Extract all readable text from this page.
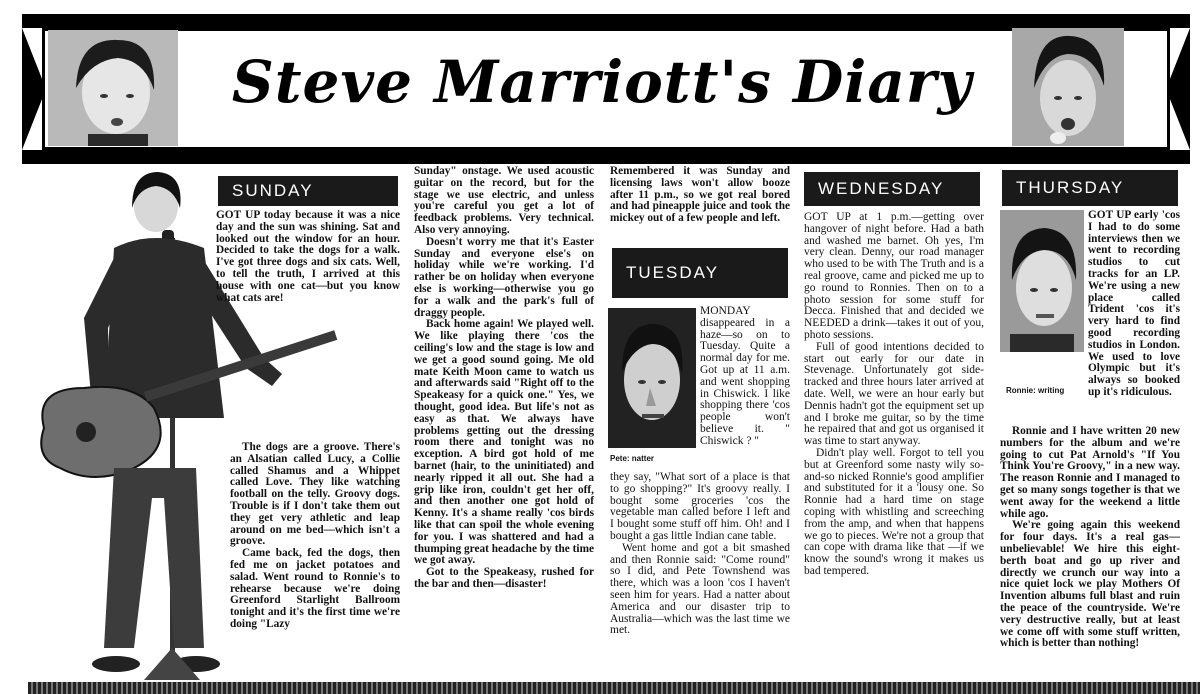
Steve Marriott's Diary
SUNDAY

GOT UP today because it was a nice day and the sun was shining. Sat and looked out the window for an hour. Decided to take the dogs for a walk. I've got three dogs and six cats. Well, to tell the truth, I arrived at this house with one cat—but you know what cats are!

The dogs are a groove. There's an Alsatian called Lucy, a Collie called Shamus and a Whippet called Love. They like watching football on the telly. Groovy dogs. Trouble is if I don't take them out they get very athletic and leap around on me bed—which isn't a groove.

Came back, fed the dogs, then fed me on jacket potatoes and salad. Went round to Ronnie's to rehearse because we're doing Greenford Starlight Ballroom tonight and it's the first time we're doing "Lazy

Sunday" onstage. We used acoustic guitar on the record, but for the stage we use electric, and unless you're careful you get a lot of feedback problems. Very technical. Also very annoying.

Doesn't worry me that it's Easter Sunday and everyone else's on holiday while we're working. I'd rather be on holiday when everyone else is working—otherwise you go for a walk and the park's full of draggy people.

Back home again! We played well. We like playing there 'cos the ceiling's low and the stage is low and we get a good sound going. Me old mate Keith Moon came to watch us and afterwards said "Right off to the Speakeasy for a quick one." Yes, we thought, good idea. But life's not as easy as that. We always have problems getting out the dressing room there and tonight was no exception. A bird got hold of me barnet (hair, to the uninitiated) and nearly ripped it all out. She had a grip like iron, couldn't get her off, and then another one got hold of Kenny. It's a shame really 'cos birds like that can spoil the whole evening for you. I was shattered and had a thumping great headache by the time we got away.

Got to the Speakeasy, rushed for the bar and then—disaster!

Remembered it was Sunday and licensing laws won't allow booze after 11 p.m., so we got real bored and had pineapple juice and took the mickey out of a few people and left.

TUESDAY
Pete: natter

MONDAY disappeared in a haze—so on to Tuesday. Quite a normal day for me. Got up at 11 a.m. and went shopping in Chiswick. I like shopping there 'cos people won't believe it. " Chiswick ? "

they say, "What sort of a place is that to go shopping?" It's groovy really. I bought some groceries 'cos the vegetable man called before I left and I bought some stuff off him. Oh! and I bought a gas little Indian cane table.

Went home and got a bit smashed and then Ronnie said: "Come round" so I did, and Pete Townshend was there, which was a loon 'cos I haven't seen him for years. Had a natter about America and our disaster trip to Australia—which was the last time we met.

WEDNESDAY

GOT UP at 1 p.m.—getting over hangover of night before. Had a bath and washed me barnet. Oh yes, I'm very clean. Denny, our road manager who used to be with The Truth and is a real groove, came and picked me up to go round to Ronnies. Then on to a photo session for some stuff for Decca. Finished that and decided we NEEDED a drink—takes it out of you, photo sessions.

Full of good intentions decided to start out early for our date in Stevenage. Unfortunately got side-tracked and three hours later arrived at date. Well, we were an hour early but Dennis hadn't got the equipment set up and I broke me guitar, so by the time he repaired that and got us organised it was time to start anyway.

Didn't play well. Forgot to tell you but at Greenford some nasty wily so-and-so nicked Ronnie's good amplifier and substituted for it a 'lousy one. So Ronnie had a hard time on stage coping with whistling and screeching from the amp, and when that happens we go to pieces. We're not a group that can cope with drama like that —if we know the sound's wrong it makes us bad tempered.

THURSDAY
Ronnie: writing

GOT UP early 'cos I had to do some interviews then we went to recording studios to cut tracks for an LP. We're using a new place called Trident 'cos it's very hard to find good recording studios in London. We used to love Olympic but it's always so booked up it's ridiculous.

Ronnie and I have written 20 new numbers for the album and we're going to cut Pat Arnold's "If You Think You're Groovy," in a new way. The reason Ronnie and I managed to get so many songs together is that we went away for the weekend a little while ago.

We're going again this weekend for four days. It's a real gas—unbelievable! We hire this eight-berth boat and go up river and directly we crunch our way into a nice quiet lock we play Mothers Of Invention albums full blast and ruin the peace of the countryside. We're very destructive really, but at least we come off with some stuff written, which is better than nothing!
